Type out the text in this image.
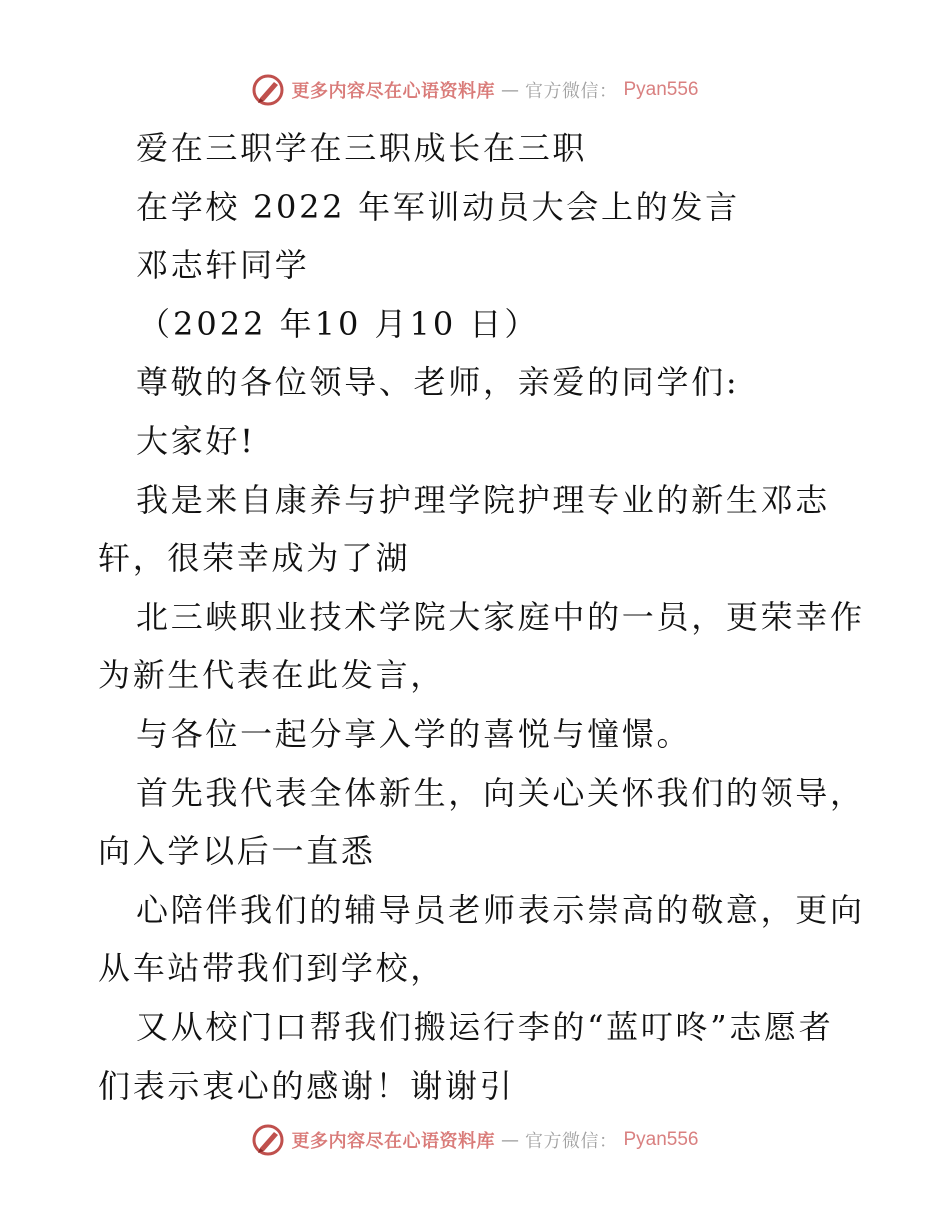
更多内容尽在心语资料库 — 官方微信： Pyan556
爱在三职学在三职成长在三职
在学校 2022 年军训动员大会上的发言
邓志轩同学
（2022 年10 月10 日）
尊敬的各位领导、老师，亲爱的同学们:
大家好!
我是来自康养与护理学院护理专业的新生邓志
轩，很荣幸成为了湖
北三峡职业技术学院大家庭中的一员，更荣幸作
为新生代表在此发言，
与各位一起分享入学的喜悦与憧憬。
首先我代表全体新生，向关心关怀我们的领导，
向入学以后一直悉
心陪伴我们的辅导员老师表示崇高的敬意，更向
从车站带我们到学校，
又从校门口帮我们搬运行李的“蓝叮咚”志愿者
们表示衷心的感谢！谢谢引
更多内容尽在心语资料库 — 官方微信： Pyan556
